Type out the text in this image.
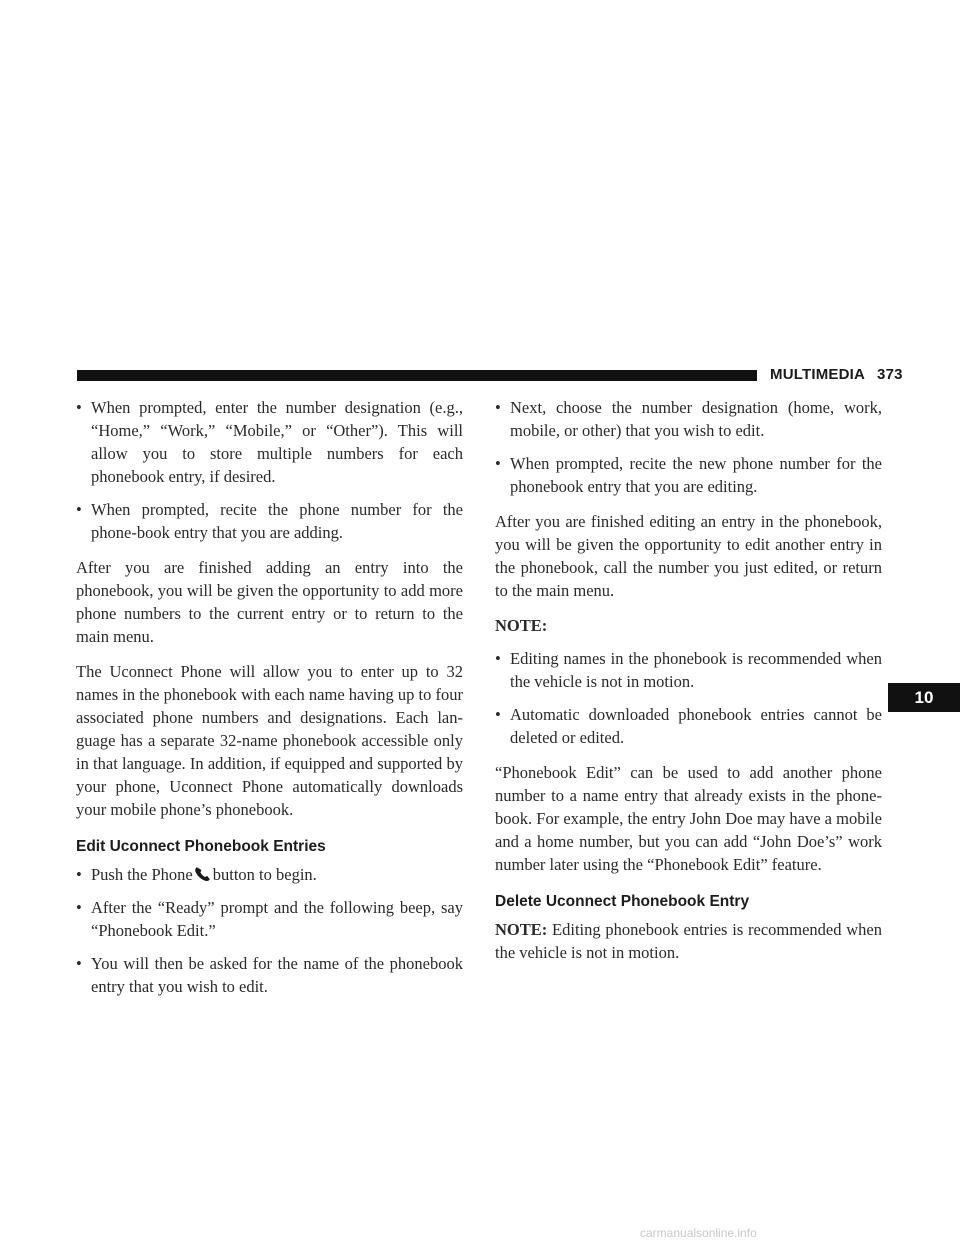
MULTIMEDIA 373
10
• When prompted, enter the number designation (e.g., “Home,” “Work,” “Mobile,” or “Other”). This will allow you to store multiple numbers for each phonebook entry, if desired.

• When prompted, recite the phone number for the phone-book entry that you are adding.

After you are finished adding an entry into the phonebook, you will be given the opportunity to add more phone numbers to the current entry or to return to the main menu.

The Uconnect Phone will allow you to enter up to 32 names in the phonebook with each name having up to four associated phone numbers and designations. Each lan-guage has a separate 32-name phonebook accessible only in that language. In addition, if equipped and supported by your phone, Uconnect Phone automatically downloads your mobile phone’s phonebook.

Edit Uconnect Phonebook Entries
• Push the Phone button to begin.

• After the “Ready” prompt and the following beep, say “Phonebook Edit.”

• You will then be asked for the name of the phonebook entry that you wish to edit.

• Next, choose the number designation (home, work, mobile, or other) that you wish to edit.

• When prompted, recite the new phone number for the phonebook entry that you are editing.

After you are finished editing an entry in the phonebook, you will be given the opportunity to edit another entry in the phonebook, call the number you just edited, or return to the main menu.

NOTE:

• Editing names in the phonebook is recommended when the vehicle is not in motion.

• Automatic downloaded phonebook entries cannot be deleted or edited.

“Phonebook Edit” can be used to add another phone number to a name entry that already exists in the phone-book. For example, the entry John Doe may have a mobile and a home number, but you can add “John Doe’s” work number later using the “Phonebook Edit” feature.

Delete Uconnect Phonebook Entry

NOTE: Editing phonebook entries is recommended when the vehicle is not in motion.

carmanualsonline.info
